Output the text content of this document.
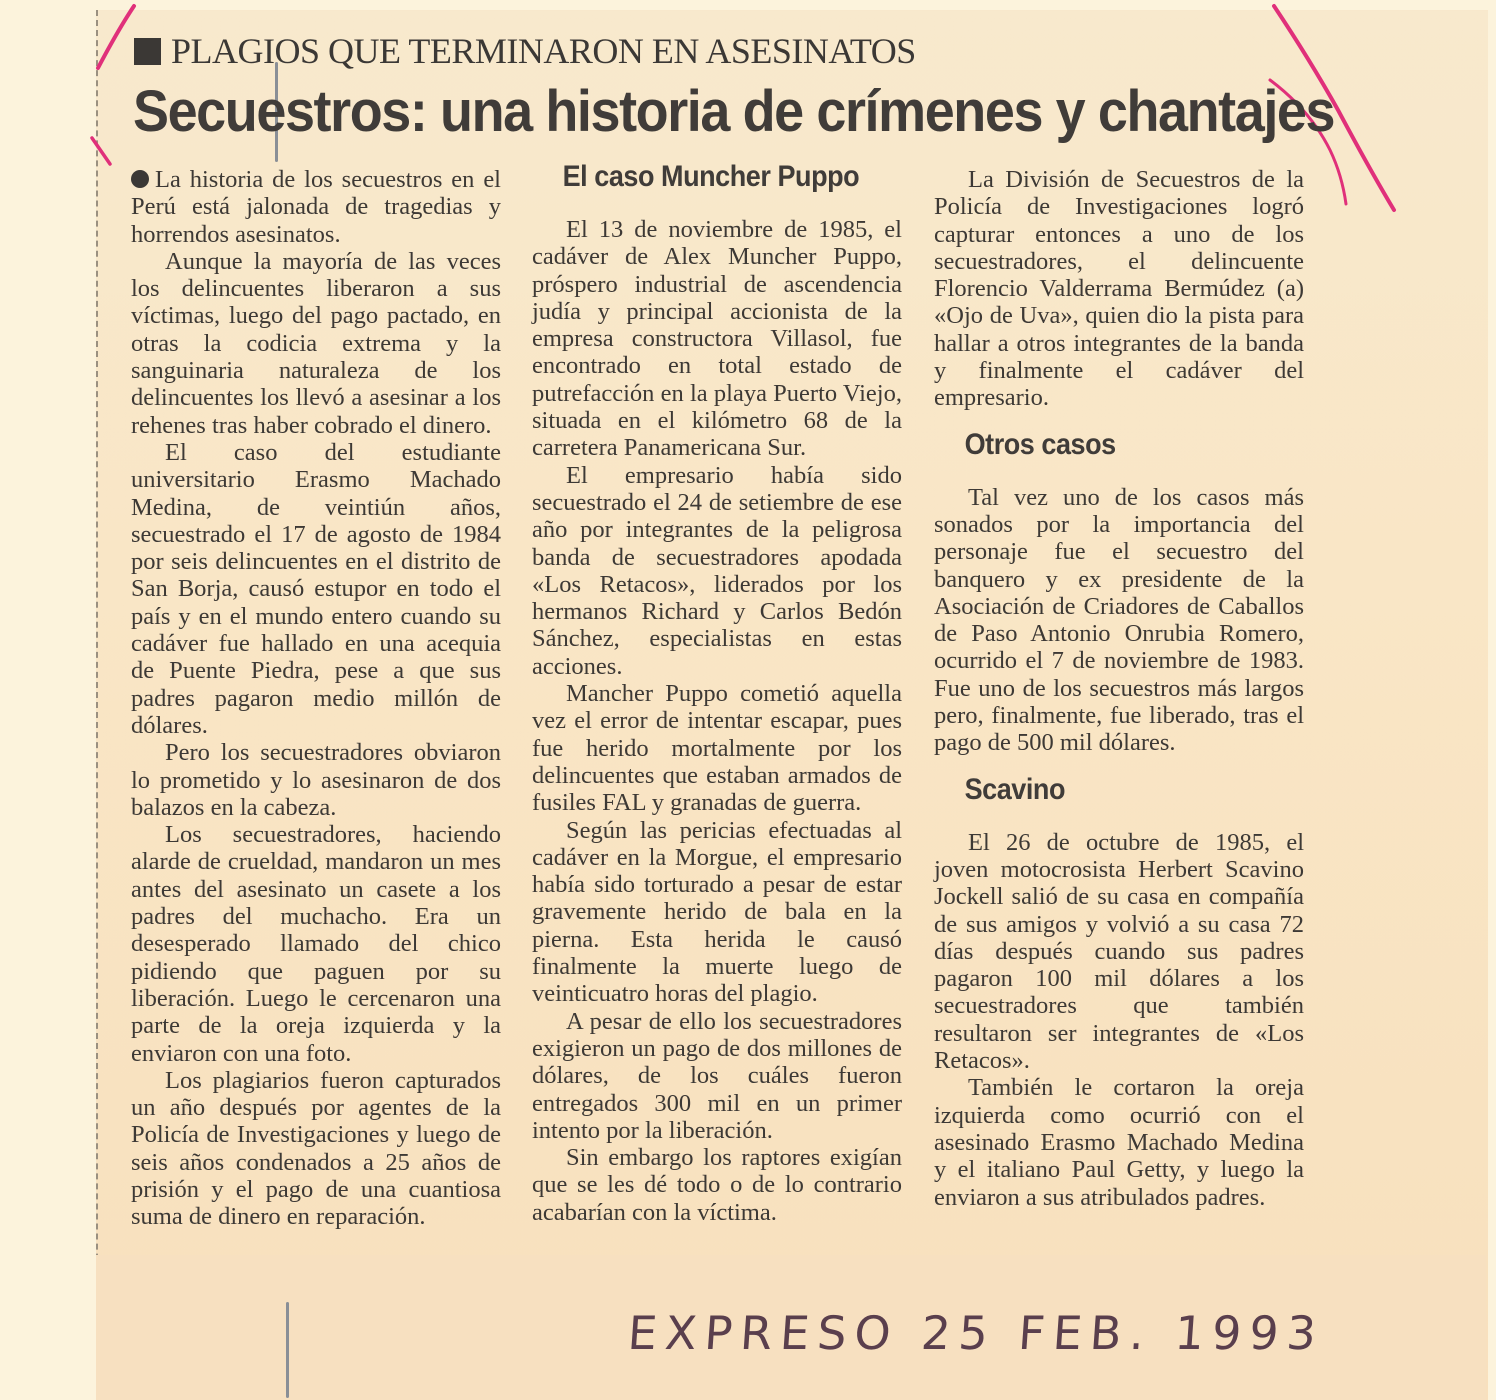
PLAGIOS QUE TERMINARON EN ASESINATOS
Secuestros: una historia de crímenes y chantajes

La historia de los secuestros en el Perú está jalonada de tragedias y horrendos asesinatos.

Aunque la mayoría de las veces los delincuentes liberaron a sus víctimas, luego del pago pactado, en otras la codicia extrema y la sanguinaria naturaleza de los delincuentes los llevó a asesinar a los rehenes tras haber cobrado el dinero.

El caso del estudiante universitario Erasmo Machado Medina, de veintiún años, secuestrado el 17 de agosto de 1984 por seis delincuentes en el distrito de San Borja, causó estupor en todo el país y en el mundo entero cuando su cadáver fue hallado en una acequia de Puente Piedra, pese a que sus padres pagaron medio millón de dólares.

Pero los secuestradores obviaron lo prometido y lo asesinaron de dos balazos en la cabeza.

Los secuestradores, haciendo alarde de crueldad, mandaron un mes antes del asesinato un casete a los padres del muchacho. Era un desesperado llamado del chico pidiendo que paguen por su liberación. Luego le cercenaron una parte de la oreja izquierda y la enviaron con una foto.

Los plagiarios fueron capturados un año después por agentes de la Policía de Investigaciones y luego de seis años condenados a 25 años de prisión y el pago de una cuantiosa suma de dinero en reparación.

El caso Muncher Puppo

El 13 de noviembre de 1985, el cadáver de Alex Muncher Puppo, próspero industrial de ascendencia judía y principal accionista de la empresa constructora Villasol, fue encontrado en total estado de putrefacción en la playa Puerto Viejo, situada en el kilómetro 68 de la carretera Panamericana Sur.

El empresario había sido secuestrado el 24 de setiembre de ese año por integrantes de la peligrosa banda de secuestradores apodada «Los Retacos», liderados por los hermanos Richard y Carlos Bedón Sánchez, especialistas en estas acciones.

Mancher Puppo cometió aquella vez el error de intentar escapar, pues fue herido mortalmente por los delincuentes que estaban armados de fusiles FAL y granadas de guerra.

Según las pericias efectuadas al cadáver en la Morgue, el empresario había sido torturado a pesar de estar gravemente herido de bala en la pierna. Esta herida le causó finalmente la muerte luego de veinticuatro horas del plagio.

A pesar de ello los secuestradores exigieron un pago de dos millones de dólares, de los cuáles fueron entregados 300 mil en un primer intento por la liberación.

Sin embargo los raptores exigían que se les dé todo o de lo contrario acabarían con la víctima.

La División de Secuestros de la Policía de Investigaciones logró capturar entonces a uno de los secuestradores, el delincuente Florencio Valderrama Bermúdez (a) «Ojo de Uva», quien dio la pista para hallar a otros integrantes de la banda y finalmente el cadáver del empresario.

Otros casos

Tal vez uno de los casos más sonados por la importancia del personaje fue el secuestro del banquero y ex presidente de la Asociación de Criadores de Caballos de Paso Antonio Onrubia Romero, ocurrido el 7 de noviembre de 1983. Fue uno de los secuestros más largos pero, finalmente, fue liberado, tras el pago de 500 mil dólares.

Scavino

El 26 de octubre de 1985, el joven motocrosista Herbert Scavino Jockell salió de su casa en compañía de sus amigos y volvió a su casa 72 días después cuando sus padres pagaron 100 mil dólares a los secuestradores que también resultaron ser integrantes de «Los Retacos».

También le cortaron la oreja izquierda como ocurrió con el asesinado Erasmo Machado Medina y el italiano Paul Getty, y luego la enviaron a sus atribulados padres.

EXPRESO 25 FEB. 1993
